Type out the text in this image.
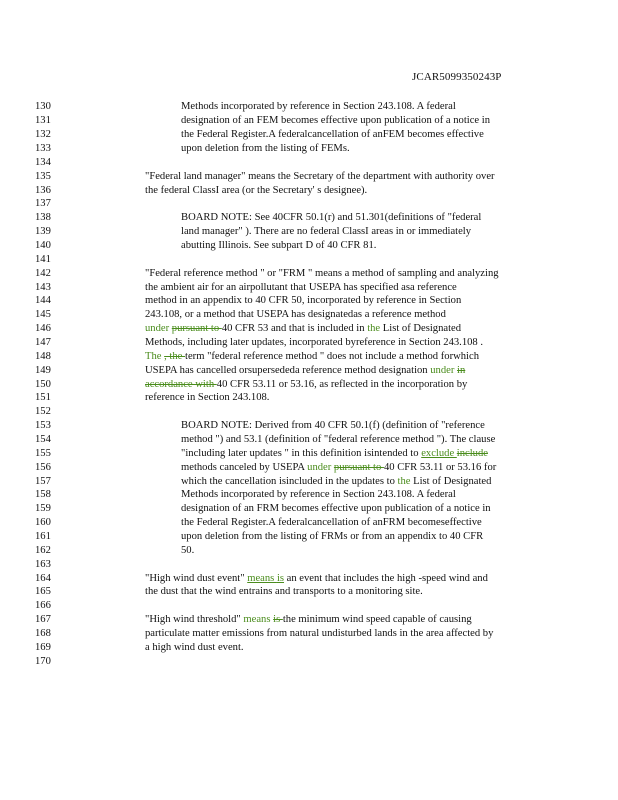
JCAR5099350243P
130
131
132
133
134
135
136
137
138
139
140
141
142
143
144
145
146
147
148
149
150
151
152
153
154
155
156
157
158
159
160
161
162
163
164
165
166
167
168
169
170
Methods incorporated by reference in Section 243.108. A federal
designation of an FEM becomes effective upon publication of a notice in
the Federal Register.A federalcancellation of anFEM becomes effective
upon deletion from the listing of FEMs.
"Federal land manager" means the Secretary of the department with authority over
the federal ClassI area (or the Secretary' s designee).
BOARD NOTE: See 40CFR 50.1(r) and 51.301(definitions of "federal
land manager" ). There are no federal ClassI areas in or immediately
abutting Illinois. See subpart D of 40 CFR 81.
"Federal reference method " or "FRM " means a method of sampling and analyzing
the ambient air for an airpollutant that USEPA has specified asa reference
method in an appendix to 40 CFR 50, incorporated by reference in Section
243.108, or a method that USEPA has designatedas a reference method
under pursuant to 40 CFR 53 and that is included in the List of Designated
Methods, including later updates, incorporated byreference in Section 243.108 .
The , the term "federal reference method " does not include a method forwhich
USEPA has cancelled orsupersededa reference method designation under in
accordance with 40 CFR 53.11 or 53.16, as reflected in the incorporation by
reference in Section 243.108.
BOARD NOTE: Derived from 40 CFR 50.1(f) (definition of "reference
method ") and 53.1 (definition of "federal reference method "). The clause
"including later updates " in this definition isintended to exclude include
methods canceled by USEPA under pursuant to 40 CFR 53.11 or 53.16 for
which the cancellation isincluded in the updates to the List of Designated
Methods incorporated by reference in Section 243.108. A federal
designation of an FRM becomes effective upon publication of a notice in
the Federal Register.A federalcancellation of anFRM becomeseffective
upon deletion from the listing of FRMs or from an appendix to 40 CFR
50.
"High wind dust event" means is an event that includes the high -speed wind and
the dust that the wind entrains and transports to a monitoring site.
"High wind threshold" means is the minimum wind speed capable of causing
particulate matter emissions from natural undisturbed lands in the area affected by
a high wind dust event.
